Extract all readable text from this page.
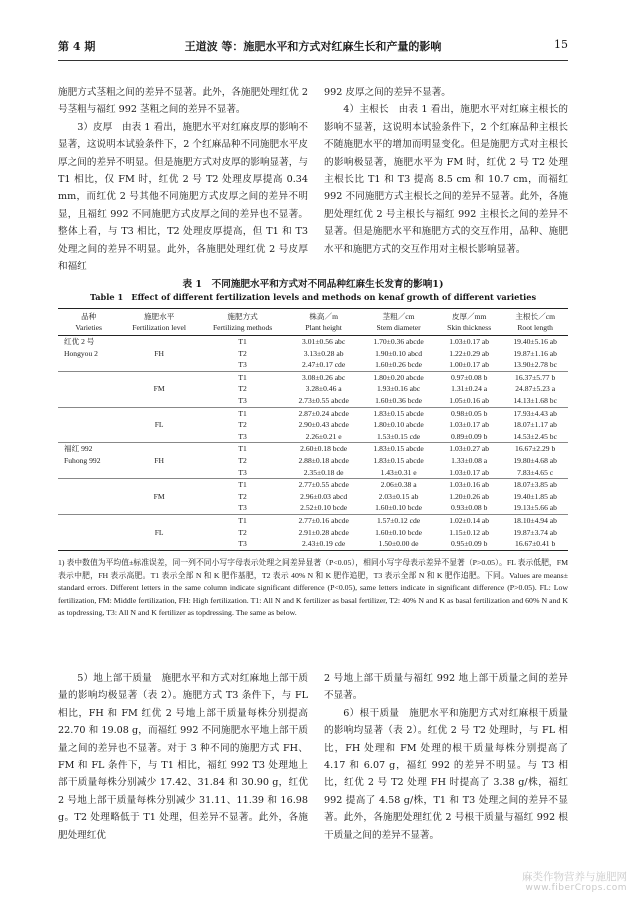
第 4 期	王道波 等：施肥水平和方式对红麻生长和产量的影响	15

施肥方式茎粗之间的差异不显著。此外，各施肥处理红优 2 号茎粗与福红 992 茎粗之间的差异不显著。

3）皮厚　由表 1 看出，施肥水平对红麻皮厚的影响不显著，这说明本试验条件下，2 个红麻品种不同施肥水平皮厚之间的差异不明显。但是施肥方式对皮厚的影响显著，与 T1 相比，仅 FM 时，红优 2 号 T2 处理皮厚提高 0.34 mm，而红优 2 号其他不同施肥方式皮厚之间的差异不明显，且福红 992 不同施肥方式皮厚之间的差异也不显著。整体上看，与 T3 相比，T2 处理皮厚提高，但 T1 和 T3 处理之间的差异不明显。此外，各施肥处理红优 2 号皮厚和福红

992 皮厚之间的差异不显著。

4）主根长　由表 1 看出，施肥水平对红麻主根长的影响不显著，这说明本试验条件下，2 个红麻品种主根长不随施肥水平的增加而明显变化。但是施肥方式对主根长的影响极显著，施肥水平为 FM 时，红优 2 号 T2 处理主根长比 T1 和 T3 提高 8.5 cm 和 10.7 cm，而福红 992 不同施肥方式主根长之间的差异不显著。此外，各施肥处理红优 2 号主根长与福红 992 主根长之间的差异不显著。但是施肥水平和施肥方式的交互作用，品种、施肥水平和施肥方式的交互作用对主根长影响显著。

表 1　不同施肥水平和方式对不同品种红麻生长发育的影响1)
Table 1　Effect of different fertilization levels and methods on kenaf growth of different varieties
品种	施肥水平	施肥方式	株高／m	茎粗／cm	皮厚／mm	主根长／cm
Varieties	Fertilization level	Fertilizing methods	Plant height	Stem diameter	Skin thickness	Root length
红优 2 号		T1	3.01±0.56 abc	1.70±0.36 abcde	1.03±0.17 ab	19.40±5.16 ab
Hongyou 2	FH	T2	3.13±0.28 ab	1.90±0.10 abcd	1.22±0.29 ab	19.87±1.16 ab
		T3	2.47±0.17 cde	1.60±0.26 bcde	1.00±0.17 ab	13.90±2.78 bc
		T1	3.08±0.26 abc	1.80±0.20 abcde	0.97±0.08 b	16.37±5.77 b
	FM	T2	3.28±0.46 a	1.93±0.16 abc	1.31±0.24 a	24.87±5.23 a
		T3	2.73±0.55 abcde	1.60±0.36 bcde	1.05±0.16 ab	14.13±1.68 bc
		T1	2.87±0.24 abcde	1.83±0.15 abcde	0.98±0.05 b	17.93±4.43 ab
	FL	T2	2.90±0.43 abcde	1.80±0.10 abcde	1.03±0.17 ab	18.07±1.17 ab
		T3	2.26±0.21 e	1.53±0.15 cde	0.89±0.09 b	14.53±2.45 bc
福红 992		T1	2.60±0.18 bcde	1.83±0.15 abcde	1.03±0.27 ab	16.67±2.29 b
Fuhong 992	FH	T2	2.88±0.18 abcde	1.83±0.15 abcde	1.33±0.08 a	19.80±4.68 ab
		T3	2.35±0.18 de	1.43±0.31 e	1.03±0.17 ab	7.83±4.65 c
		T1	2.77±0.55 abcde	2.06±0.38 a	1.03±0.16 ab	18.07±3.85 ab
	FM	T2	2.96±0.03 abcd	2.03±0.15 ab	1.20±0.26 ab	19.40±1.85 ab
		T3	2.52±0.10 bcde	1.60±0.10 bcde	0.93±0.08 b	19.13±5.66 ab
		T1	2.77±0.16 abcde	1.57±0.12 cde	1.02±0.14 ab	18.10±4.94 ab
	FL	T2	2.91±0.28 abcde	1.60±0.10 bcde	1.15±0.12 ab	19.87±3.74 ab
		T3	2.43±0.19 cde	1.50±0.00 de	0.95±0.09 b	16.67±0.41 b

1) 表中数值为平均值±标准误差，同一列不同小写字母表示处理之间差异显著（P<0.05），相同小写字母表示差异不显著（P>0.05）。FL 表示低肥，FM 表示中肥，FH 表示高肥。T1 表示全部 N 和 K 肥作基肥，T2 表示 40% N 和 K 肥作追肥，T3 表示全部 N 和 K 肥作追肥。下同。Values are means± standard errors. Different letters in the same column indicate significant difference (P<0.05), same letters indicate in significant difference (P>0.05). FL: Low fertilization, FM: Middle fertilization, FH: High fertilization. T1: All N and K fertilizer as basal fertilizer, T2: 40% N and K as basal fertilization and 60% N and K as topdressing, T3: All N and K fertilizer as topdressing. The same as below.

5）地上部干质量　施肥水平和方式对红麻地上部干质量的影响均极显著（表 2）。施肥方式 T3 条件下，与 FL 相比，FH 和 FM 红优 2 号地上部干质量每株分别提高 22.70 和 19.08 g，而福红 992 不同施肥水平地上部干质量之间的差异也不显著。对于 3 种不同的施肥方式 FH、FM 和 FL 条件下，与 T1 相比，福红 992 T3 处理地上部干质量每株分别减少 17.42、31.84 和 30.90 g，红优 2 号地上部干质量每株分别减少 31.11、11.39 和 16.98 g。T2 处理略低于 T1 处理，但差异不显著。此外，各施肥处理红优

2 号地上部干质量与福红 992 地上部干质量之间的差异不显著。

6）根干质量　施肥水平和施肥方式对红麻根干质量的影响均显著（表 2）。红优 2 号 T2 处理时，与 FL 相比，FH 处理和 FM 处理的根干质量每株分别提高了 4.17 和 6.07 g，福红 992 的差异不明显。与 T3 相比，红优 2 号 T2 处理 FH 时提高了 3.38 g/株，福红 992 提高了 4.58 g/株，T1 和 T3 处理之间的差异不显著。此外，各施肥处理红优 2 号根干质量与福红 992 根干质量之间的差异不显著。

麻类作物营养与施肥网
www.fiberCrops.com
